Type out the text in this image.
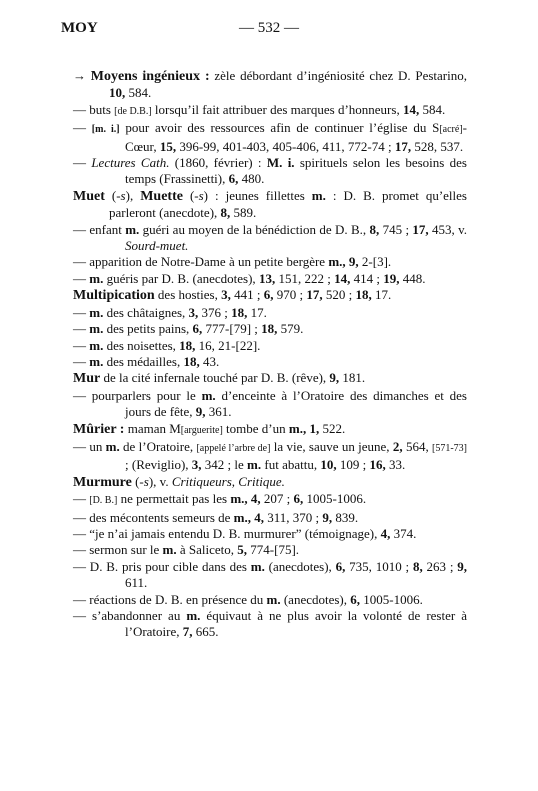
MOY	— 532 —

→ Moyens ingénieux : zèle débordant d’ingéniosité chez D. Pestarino, 10, 584.

— buts [de D.B.] lorsqu’il fait attribuer des marques d’honneurs, 14, 584.

— [m. i.] pour avoir des ressources afin de continuer l’église du S[acré]-Cœur, 15, 396-99, 401-403, 405-406, 411, 772-74 ; 17, 528, 537.

— Lectures Cath. (1860, février) : M. i. spirituels selon les besoins des temps (Frassinetti), 6, 480.

Muet (-s), Muette (-s) : jeunes fillettes m. : D. B. promet qu’elles parleront (anecdote), 8, 589.

— enfant m. guéri au moyen de la bénédiction de D. B., 8, 745 ; 17, 453, v. Sourd-muet.

— apparition de Notre-Dame à un petite bergère m., 9, 2-[3].

— m. guéris par D. B. (anecdotes), 13, 151, 222 ; 14, 414 ; 19, 448.

Multipication des hosties, 3, 441 ; 6, 970 ; 17, 520 ; 18, 17.

— m. des châtaignes, 3, 376 ; 18, 17.

— m. des petits pains, 6, 777-[79] ; 18, 579.

— m. des noisettes, 18, 16, 21-[22].

— m. des médailles, 18, 43.

Mur de la cité infernale touché par D. B. (rêve), 9, 181.

— pourparlers pour le m. d’enceinte à l’Oratoire des dimanches et des jours de fête, 9, 361.

Mûrier : maman M[arguerite] tombe d’un m., 1, 522.

— un m. de l’Oratoire, [appelé l’arbre de] la vie, sauve un jeune, 2, 564, [571-73] ; (Reviglio), 3, 342 ; le m. fut abattu, 10, 109 ; 16, 33.

Murmure (-s), v. Critiqueurs, Critique.

— [D. B.] ne permettait pas les m., 4, 207 ; 6, 1005-1006.

— des mécontents semeurs de m., 4, 311, 370 ; 9, 839.

— “je n’ai jamais entendu D. B. murmurer” (témoignage), 4, 374.

— sermon sur le m. à Saliceto, 5, 774-[75].

— D. B. pris pour cible dans des m. (anecdotes), 6, 735, 1010 ; 8, 263 ; 9, 611.

— réactions de D. B. en présence du m. (anecdotes), 6, 1005-1006.

— s’abandonner au m. équivaut à ne plus avoir la volonté de rester à l’Oratoire, 7, 665.
